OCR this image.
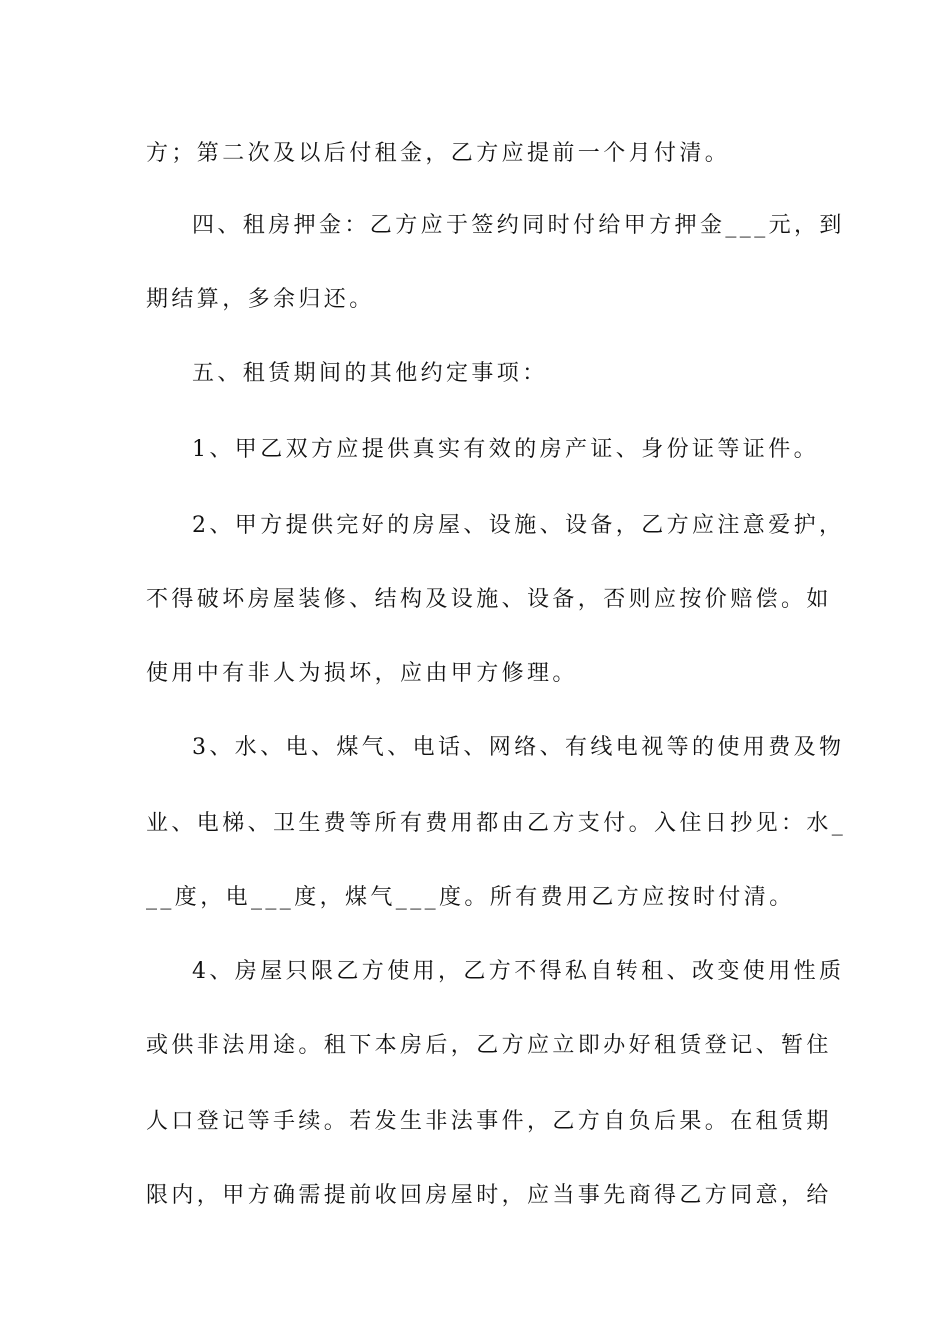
方；第二次及以后付租金，乙方应提前一个月付清。
四、租房押金：乙方应于签约同时付给甲方押金___元，到
期结算，多余归还。
五、租赁期间的其他约定事项：
1、甲乙双方应提供真实有效的房产证、身份证等证件。
2、甲方提供完好的房屋、设施、设备，乙方应注意爱护，
不得破坏房屋装修、结构及设施、设备，否则应按价赔偿。如
使用中有非人为损坏，应由甲方修理。
3、水、电、煤气、电话、网络、有线电视等的使用费及物
业、电梯、卫生费等所有费用都由乙方支付。入住日抄见：水_
__度，电___度，煤气___度。所有费用乙方应按时付清。
4、房屋只限乙方使用，乙方不得私自转租、改变使用性质
或供非法用途。租下本房后，乙方应立即办好租赁登记、暂住
人口登记等手续。若发生非法事件，乙方自负后果。在租赁期
限内，甲方确需提前收回房屋时，应当事先商得乙方同意，给
